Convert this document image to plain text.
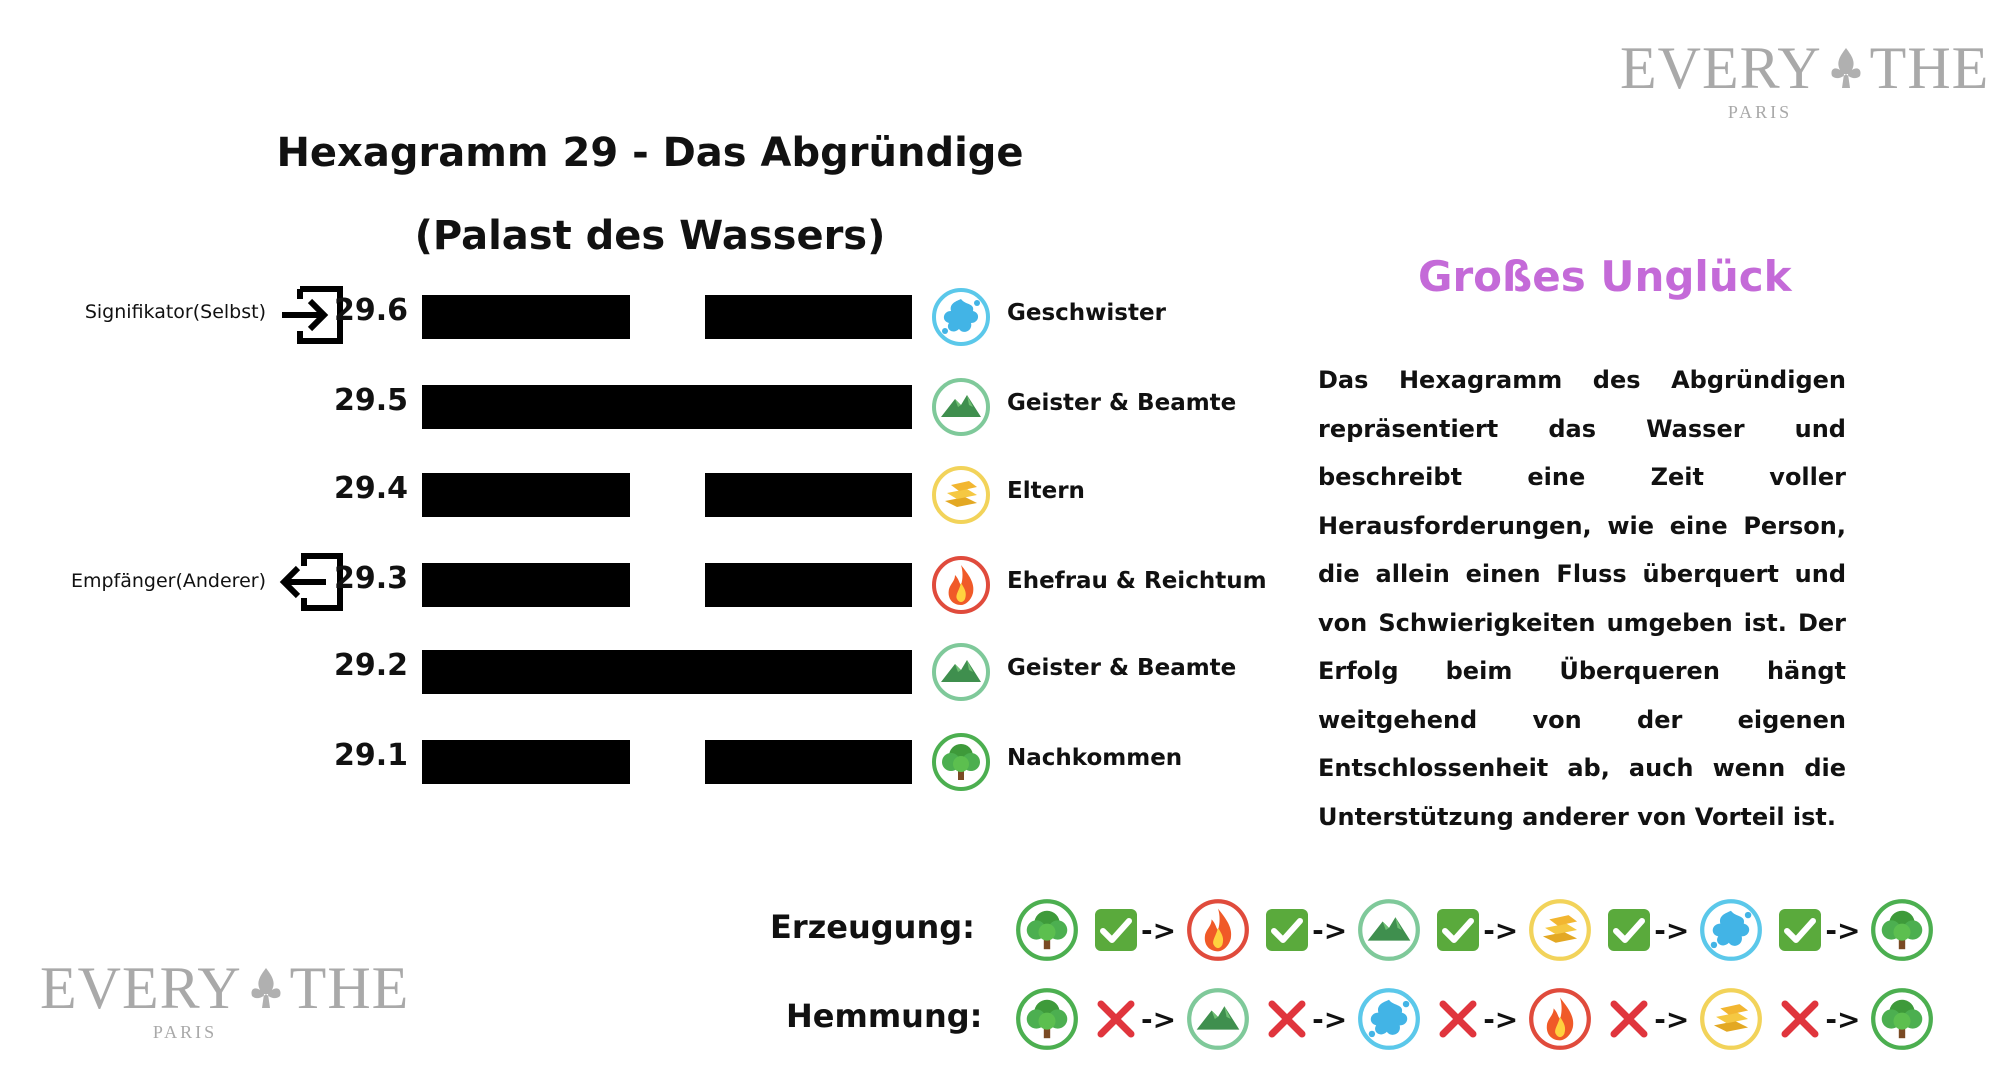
EVERY THE
PARIS
EVERY THE
PARIS
Hexagramm 29 - Das Abgründige
(Palast des Wassers)
Signifikator(Selbst)
Empfänger(Anderer)
29.6	Geschwister
29.5	Geister & Beamte
29.4	Eltern
29.3	Ehefrau & Reichtum
29.2	Geister & Beamte
29.1	Nachkommen
Großes Unglück
Das Hexagramm des Abgründigen repräsentiert das Wasser und beschreibt eine Zeit voller Herausforderungen, wie eine Person, die allein einen Fluss überquert und von Schwierigkeiten umgeben ist. Der Erfolg beim Überqueren hängt weitgehend von der eigenen Entschlossenheit ab, auch wenn die Unterstützung anderer von Vorteil ist.
Erzeugung:	->	->	->	->	->
Hemmung:	->	->	->	->	->
